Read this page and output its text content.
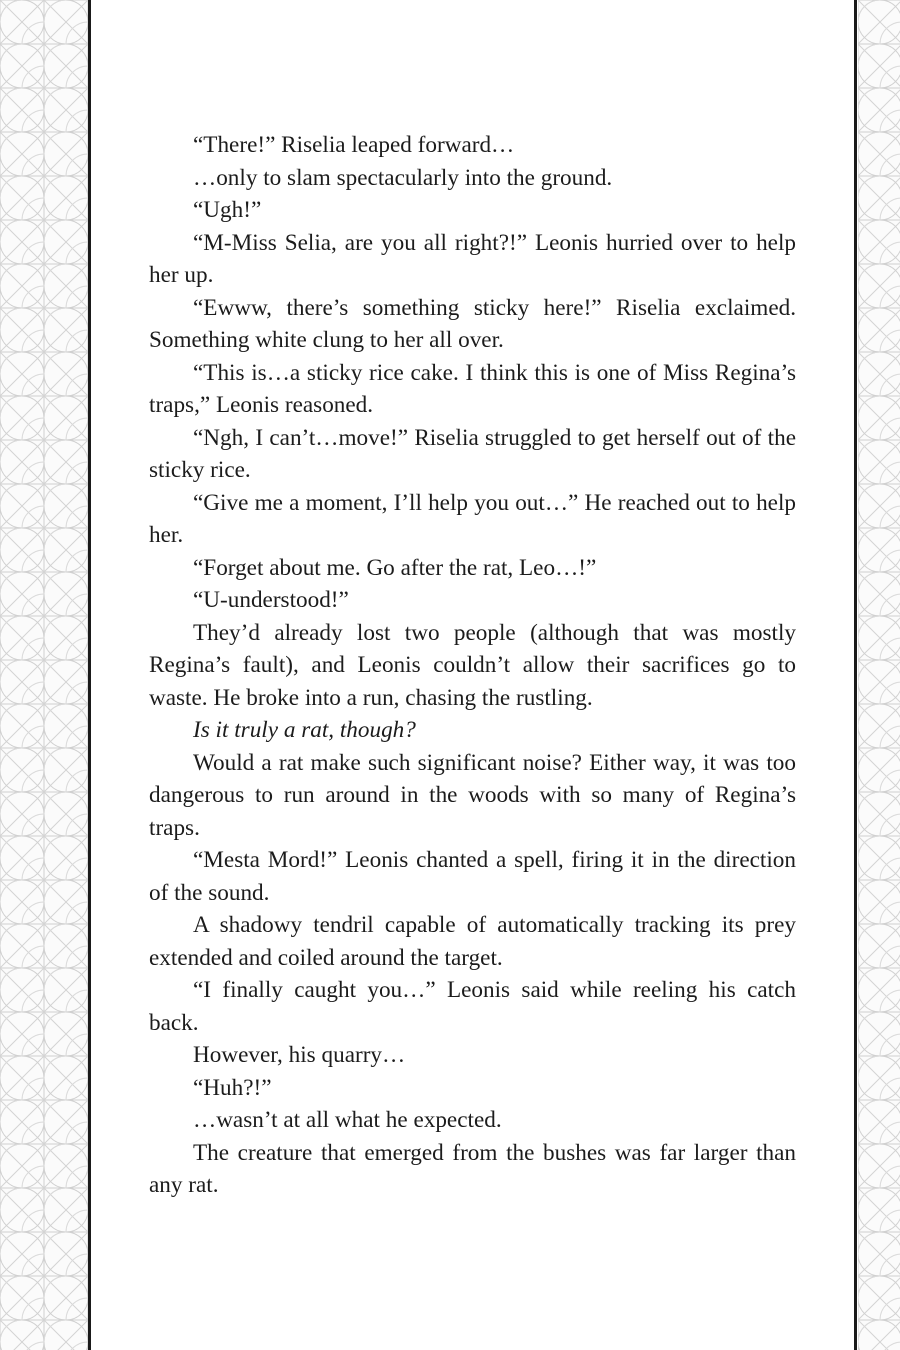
“There!” Riselia leaped forward…

…only to slam spectacularly into the ground.

“Ugh!”

“M-Miss Selia, are you all right?!” Leonis hurried over to help her up.

“Ewww, there’s something sticky here!” Riselia exclaimed. Something white clung to her all over.

“This is…a sticky rice cake. I think this is one of Miss Regina’s traps,” Leonis reasoned.

“Ngh, I can’t…move!” Riselia struggled to get herself out of the sticky rice.

“Give me a moment, I’ll help you out…” He reached out to help her.

“Forget about me. Go after the rat, Leo…!”

“U-understood!”

They’d already lost two people (although that was mostly Regina’s fault), and Leonis couldn’t allow their sacrifices go to waste. He broke into a run, chasing the rustling.

Is it truly a rat, though?

Would a rat make such significant noise? Either way, it was too dangerous to run around in the woods with so many of Regina’s traps.

“Mesta Mord!” Leonis chanted a spell, firing it in the direction of the sound.

A shadowy tendril capable of automatically tracking its prey extended and coiled around the target.

“I finally caught you…” Leonis said while reeling his catch back.

However, his quarry…

“Huh?!”

…wasn’t at all what he expected.

The creature that emerged from the bushes was far larger than any rat.
